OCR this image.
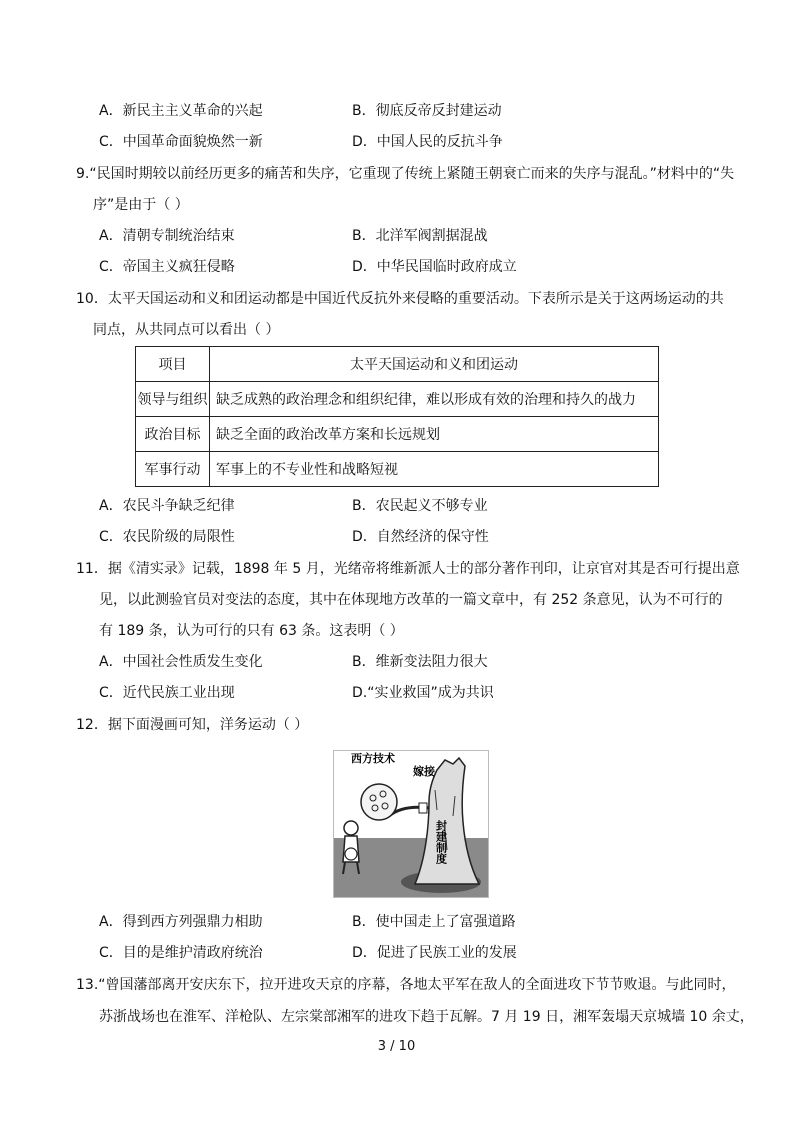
A．新民主主义革命的兴起	B．彻底反帝反封建运动
C．中国革命面貌焕然一新	D．中国人民的反抗斗争
9.“民国时期较以前经历更多的痛苦和失序，它重现了传统上紧随王朝衰亡而来的失序与混乱。”材料中的“失
序”是由于（ ）
A．清朝专制统治结束	B．北洋军阀割据混战
C．帝国主义疯狂侵略	D．中华民国临时政府成立
10．太平天国运动和义和团运动都是中国近代反抗外来侵略的重要活动。下表所示是关于这两场运动的共
同点，从共同点可以看出（ ）
项目	太平天国运动和义和团运动
领导与组织	缺乏成熟的政治理念和组织纪律，难以形成有效的治理和持久的战力
政治目标	缺乏全面的政治改革方案和长远规划
军事行动	军事上的不专业性和战略短视
A．农民斗争缺乏纪律	B．农民起义不够专业
C．农民阶级的局限性	D．自然经济的保守性
11．据《清实录》记载，1898 年 5 月，光绪帝将维新派人士的部分著作刊印，让京官对其是否可行提出意
见，以此测验官员对变法的态度，其中在体现地方改革的一篇文章中，有 252 条意见，认为不可行的
有 189 条，认为可行的只有 63 条。这表明（ ）
A．中国社会性质发生变化	B．维新变法阻力很大
C．近代民族工业出现	D.“实业救国”成为共识
12．据下面漫画可知，洋务运动（ ）
西方技术
嫁接
封建制度
A．得到西方列强鼎力相助	B．使中国走上了富强道路
C．目的是维护清政府统治	D．促进了民族工业的发展
13.“曾国藩部离开安庆东下，拉开进攻天京的序幕，各地太平军在敌人的全面进攻下节节败退。与此同时，
苏浙战场也在淮军、洋枪队、左宗棠部湘军的进攻下趋于瓦解。7 月 19 日，湘军轰塌天京城墙 10 余丈，
3 / 10
